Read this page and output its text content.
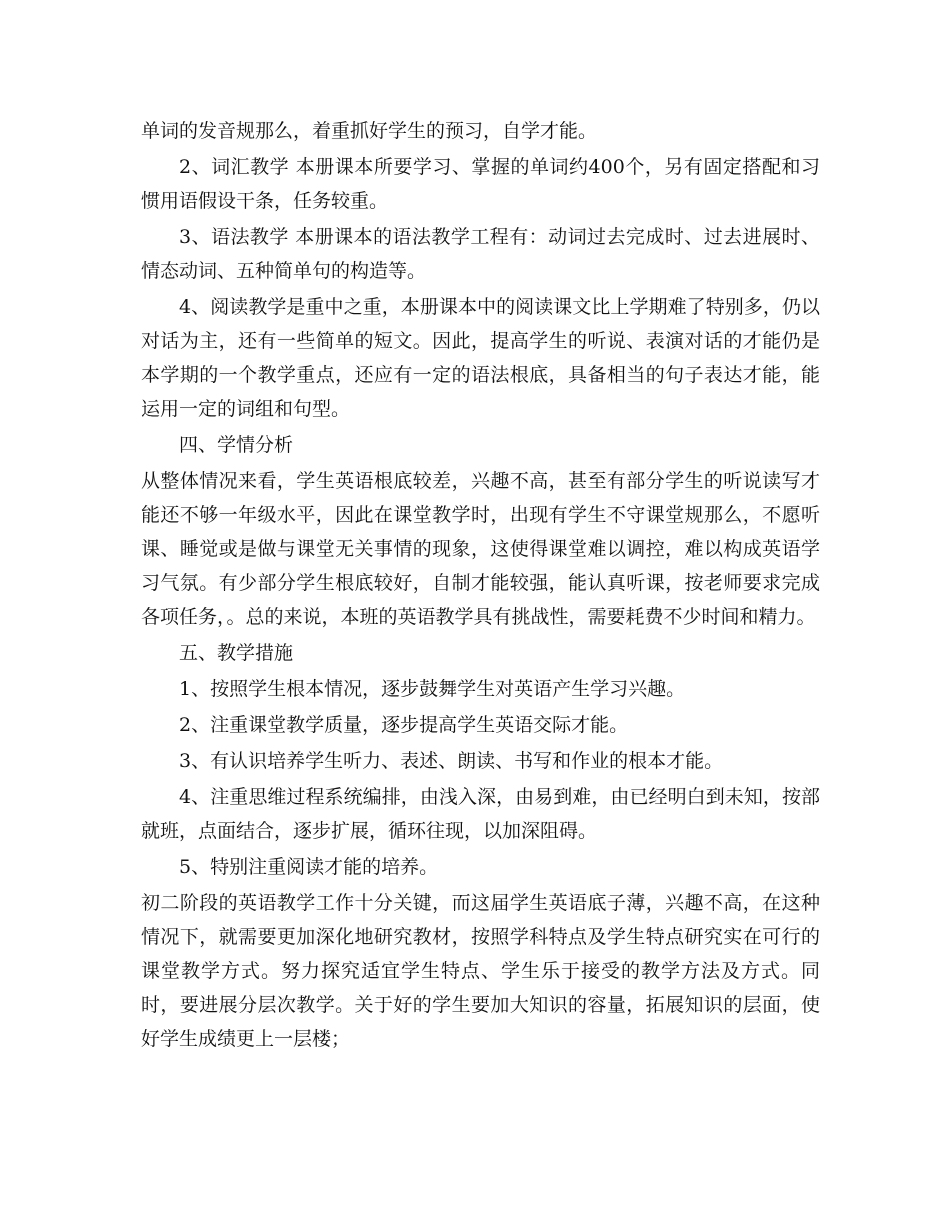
单词的发音规那么，着重抓好学生的预习，自学才能。

2、词汇教学 本册课本所要学习、掌握的单词约400个，另有固定搭配和习惯用语假设干条，任务较重。

3、语法教学 本册课本的语法教学工程有：动词过去完成时、过去进展时、情态动词、五种简单句的构造等。

4、阅读教学是重中之重，本册课本中的阅读课文比上学期难了特别多，仍以对话为主，还有一些简单的短文。因此，提高学生的听说、表演对话的才能仍是本学期的一个教学重点，还应有一定的语法根底，具备相当的句子表达才能，能运用一定的词组和句型。

四、学情分析

从整体情况来看，学生英语根底较差，兴趣不高，甚至有部分学生的听说读写才能还不够一年级水平，因此在课堂教学时，出现有学生不守课堂规那么，不愿听课、睡觉或是做与课堂无关事情的现象，这使得课堂难以调控，难以构成英语学习气氛。有少部分学生根底较好，自制才能较强，能认真听课，按老师要求完成各项任务，。总的来说，本班的英语教学具有挑战性，需要耗费不少时间和精力。

五、教学措施

1、按照学生根本情况，逐步鼓舞学生对英语产生学习兴趣。

2、注重课堂教学质量，逐步提高学生英语交际才能。

3、有认识培养学生听力、表述、朗读、书写和作业的根本才能。

4、注重思维过程系统编排，由浅入深，由易到难，由已经明白到未知，按部就班，点面结合，逐步扩展，循环往现，以加深阻碍。

5、特别注重阅读才能的培养。

初二阶段的英语教学工作十分关键，而这届学生英语底子薄，兴趣不高，在这种情况下，就需要更加深化地研究教材，按照学科特点及学生特点研究实在可行的课堂教学方式。努力探究适宜学生特点、学生乐于接受的教学方法及方式。同时，要进展分层次教学。关于好的学生要加大知识的容量，拓展知识的层面，使好学生成绩更上一层楼；
